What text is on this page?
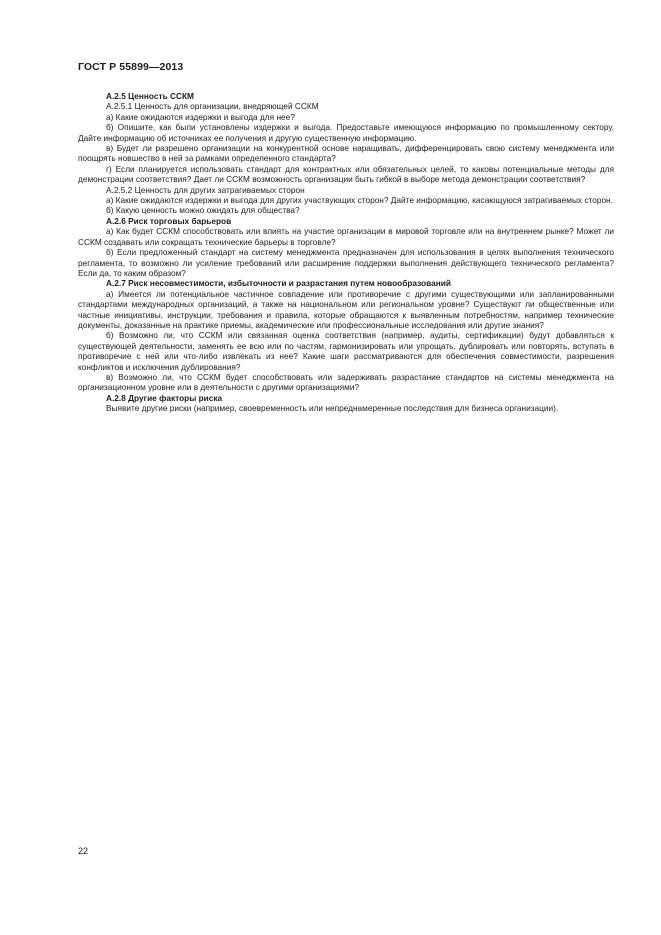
ГОСТ Р 55899—2013

А.2.5 Ценность ССКМ

А.2.5.1 Ценность для организации, внедряющей ССКМ

а) Какие ожидаются издержки и выгода для нее?

б) Опишите, как были установлены издержки и выгода. Предоставьте имеющуюся информацию по промышленному сектору. Дайте информацию об источниках ее получения и другую существенную информацию.

в) Будет ли разрешено организации на конкурентной основе наращивать, дифференцировать свою систему менеджмента или поощрять новшество в ней за рамками определенного стандарта?

г) Если планируется использовать стандарт для контрактных или обязательных целей, то каковы потенциальные методы для демонстрации соответствия? Дает ли ССКМ возможность организации быть гибкой в выборе метода демонстрации соответствия?

А.2.5.2 Ценность для других затрагиваемых сторон

а) Какие ожидаются издержки и выгода для других участвующих сторон? Дайте информацию, касающуюся затрагиваемых сторон.

б) Какую ценность можно ожидать для общества?

А.2.6 Риск торговых барьеров

а) Как будет ССКМ способствовать или влиять на участие организации в мировой торговле или на внутреннем рынке? Может ли ССКМ создавать или сокращать технические барьеры в торговле?

б) Если предложенный стандарт на систему менеджмента предназначен для использования в целях выполнения технического регламента, то возможно ли усиление требований или расширение поддержки выполнения действующего технического регламента? Если да, то каким образом?

А.2.7 Риск несовместимости, избыточности и разрастания путем новообразований

а) Имеется ли потенциальное частичное совпадение или противоречие с другими существующими или запланированными стандартами международных организаций, а также на национальном или региональном уровне? Существуют ли общественные или частные инициативы, инструкции, требования и правила, которые обращаются к выявленным потребностям, например технические документы, доказанные на практике приемы, академические или профессиональные исследования или другие знания?

б) Возможно ли, что ССКМ или связанная оценка соответствия (например, аудиты, сертификации) будут добавляться к существующей деятельности, заменять ее всю или по частям, гармонизировать или упрощать, дублировать или повторять, вступать в противоречие с ней или что-либо извлекать из нее? Какие шаги рассматриваются для обеспечения совместимости, разрешения конфликтов и исключения дублирования?

в) Возможно ли, что ССКМ будет способствовать или задерживать разрастание стандартов на системы менеджмента на организационном уровне или в деятельности с другими организациями?

А.2.8 Другие факторы риска

Выявите другие риски (например, своевременность или непреднамеренные последствия для бизнеса организации).

22
